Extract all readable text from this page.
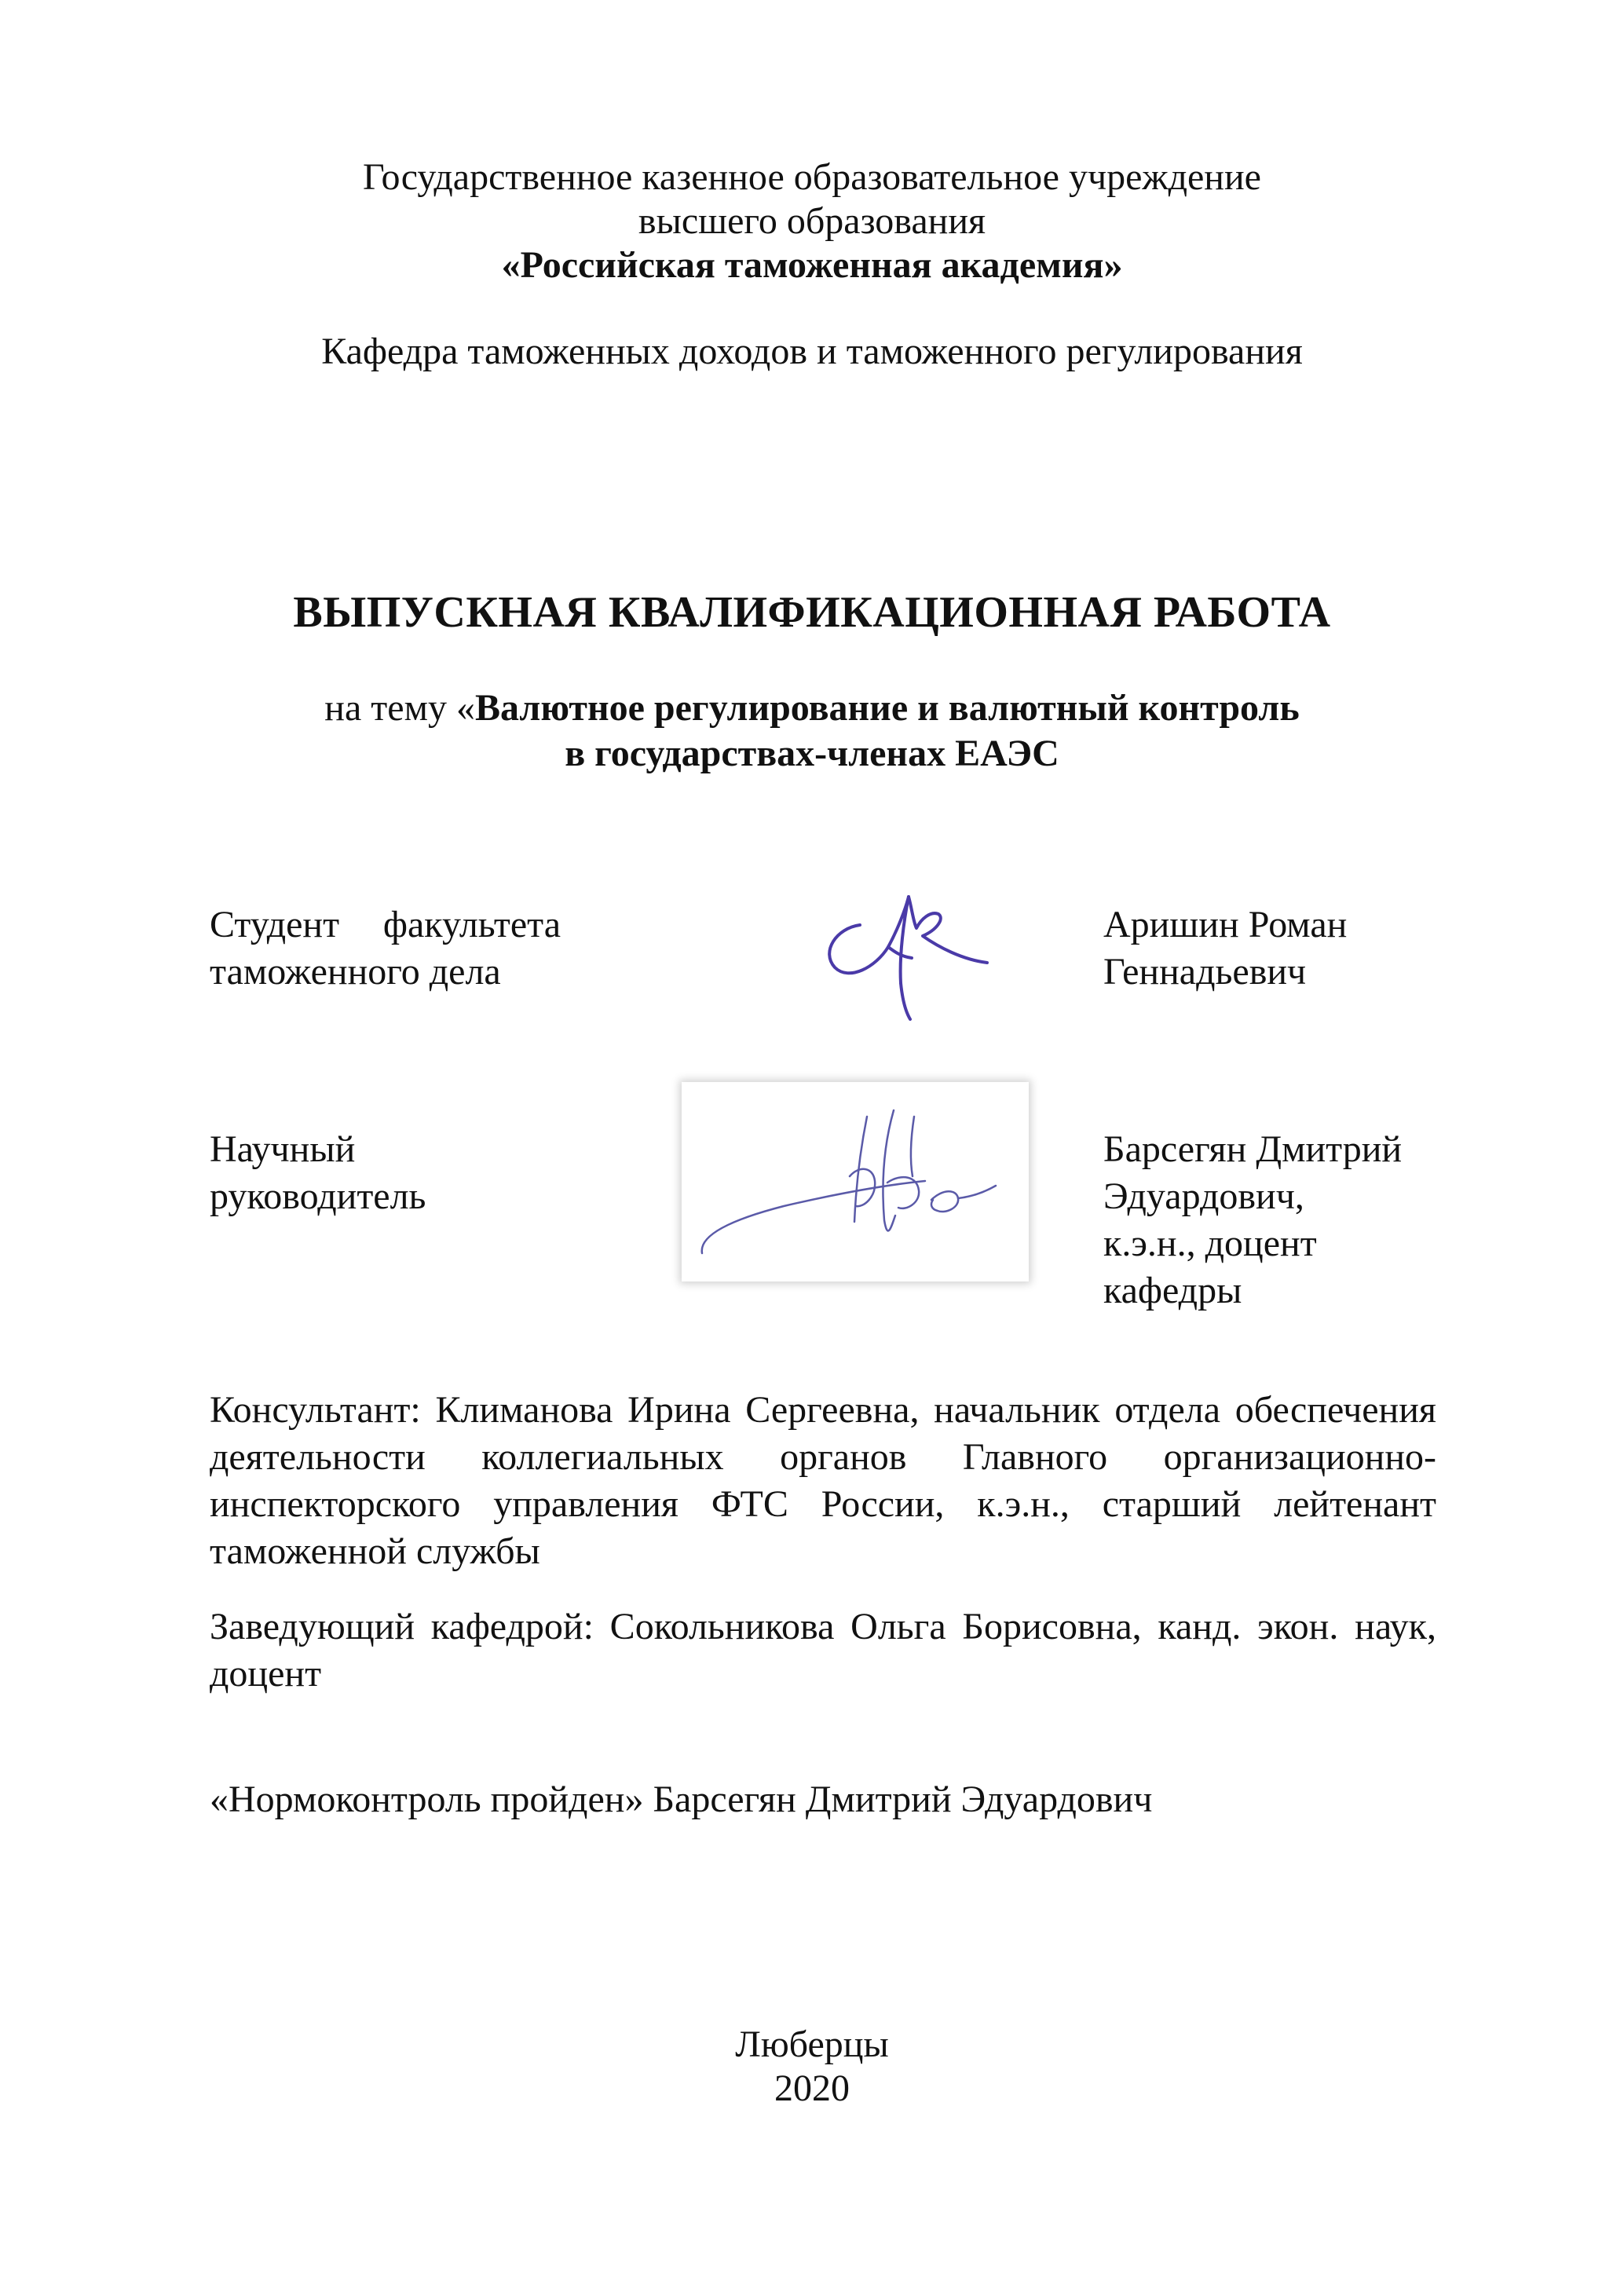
Государственное казенное образовательное учреждение
высшего образования
«Российская таможенная академия»
Кафедра таможенных доходов и таможенного регулирования
ВЫПУСКНАЯ КВАЛИФИКАЦИОННАЯ РАБОТА
на тему «Валютное регулирование и валютный контроль
в государствах-членах ЕАЭС
Студент факультета
таможенного дела
Аришин Роман
Геннадьевич
Научный
руководитель
Барсегян Дмитрий
Эдуардович,
к.э.н., доцент
кафедры
Консультант: Климанова Ирина Сергеевна, начальник отдела обеспечения
деятельности коллегиальных органов Главного организационно-
инспекторского управления ФТС России, к.э.н., старший лейтенант
таможенной службы
Заведующий кафедрой: Сокольникова Ольга Борисовна, канд. экон. наук,
доцент
«Нормоконтроль пройден» Барсегян Дмитрий Эдуардович
Люберцы
2020
